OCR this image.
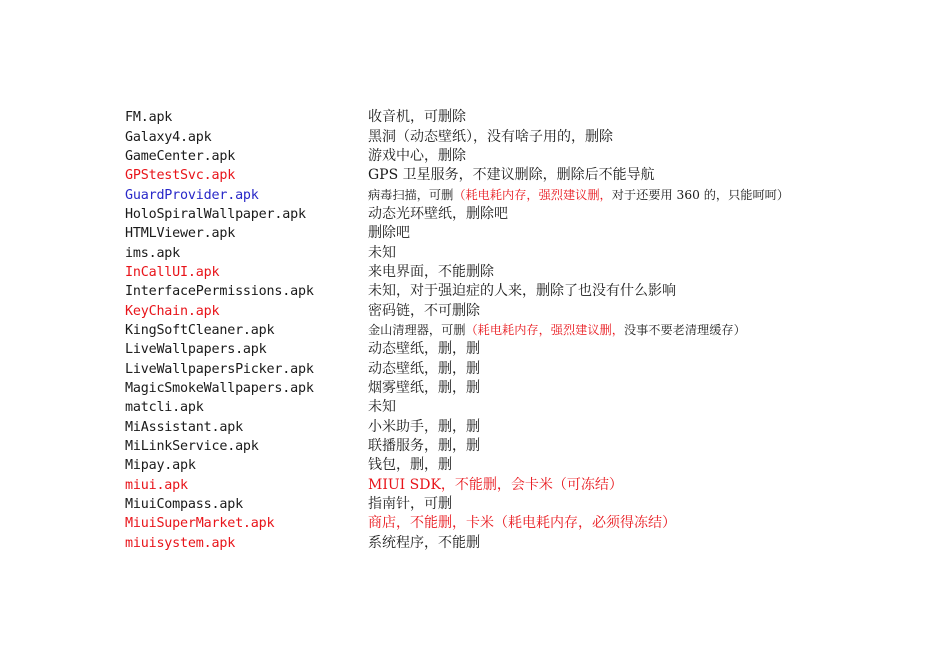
FM.apk	收音机，可删除
Galaxy4.apk	黑洞（动态壁纸），没有啥子用的，删除
GameCenter.apk	游戏中心，删除
GPStestSvc.apk	GPS 卫星服务，不建议删除，删除后不能导航
GuardProvider.apk	病毒扫描，可删（耗电耗内存，强烈建议删，对于还要用 360 的，只能呵呵）
HoloSpiralWallpaper.apk	动态光环壁纸，删除吧
HTMLViewer.apk	删除吧
ims.apk	未知
InCallUI.apk	来电界面，不能删除
InterfacePermissions.apk	未知，对于强迫症的人来，删除了也没有什么影响
KeyChain.apk	密码链，不可删除
KingSoftCleaner.apk	金山清理器，可删（耗电耗内存，强烈建议删，没事不要老清理缓存）
LiveWallpapers.apk	动态壁纸，删，删
LiveWallpapersPicker.apk	动态壁纸，删，删
MagicSmokeWallpapers.apk	烟雾壁纸，删，删
matcli.apk	未知
MiAssistant.apk	小米助手，删，删
MiLinkService.apk	联播服务，删，删
Mipay.apk	钱包，删，删
miui.apk	MIUI SDK，不能删，会卡米（可冻结）
MiuiCompass.apk	指南针，可删
MiuiSuperMarket.apk	商店，不能删，卡米（耗电耗内存，必须得冻结）
miuisystem.apk	系统程序，不能删
